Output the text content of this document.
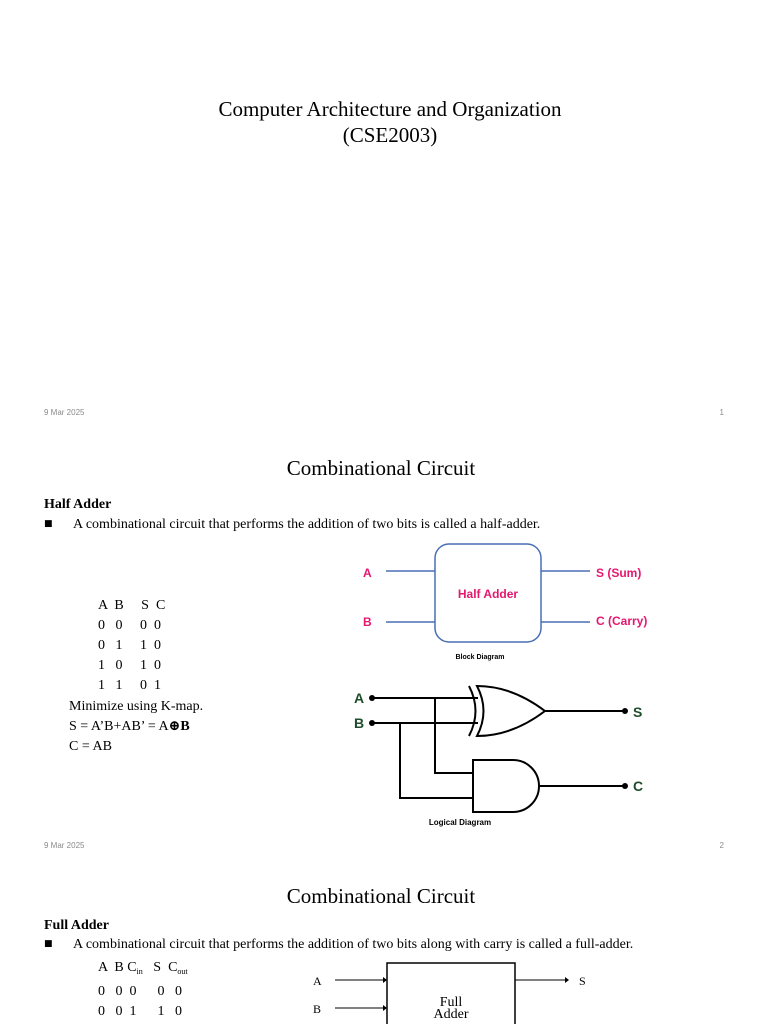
Computer Architecture and Organization
(CSE2003)
9 Mar 2025	1
Combinational Circuit
Half Adder
■ A combinational circuit that performs the addition of two bits is called a half-adder.
A  B     S  C
0   0     0  0
0   1     1  0
1   0     1  0
1   1     0  1
Minimize using K-map.
S = A’B+AB’ = A⊕B
C = AB
A
B
Half Adder
S (Sum)
C (Carry)
Block Diagram
A
B
S
C
Logical Diagram
9 Mar 2025	2
Combinational Circuit
Full Adder
■ A combinational circuit that performs the addition of two bits along with carry is called a full-adder.
A B $C_{in}$ S $C_{out}$
0   0  0      0   0
0   0  1      1   0
A
B
S
Full
Adder
